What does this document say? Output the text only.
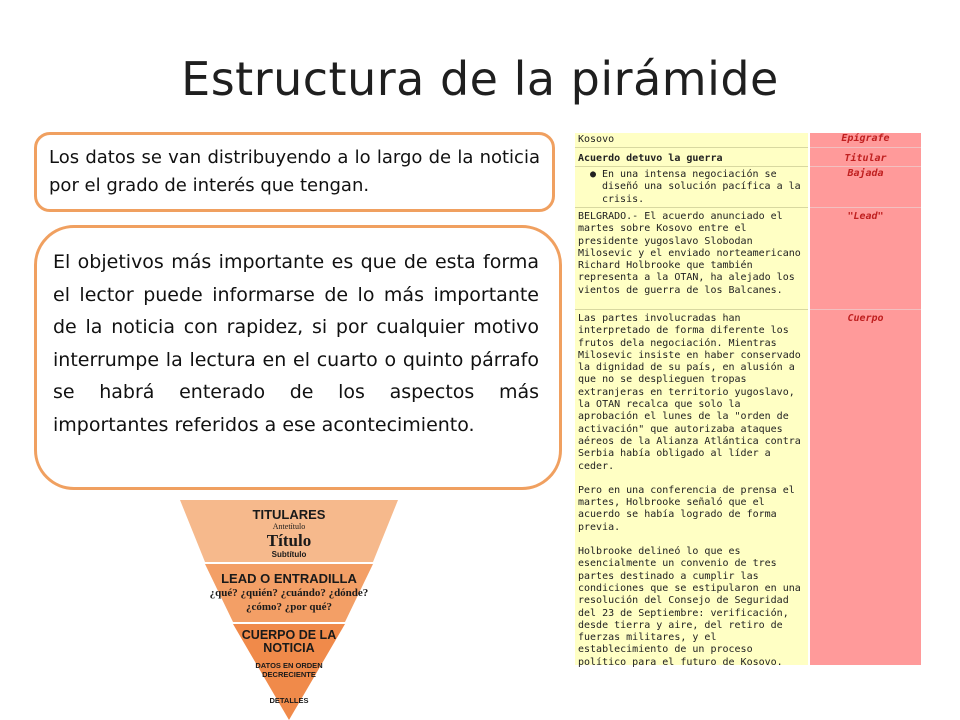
Estructura de la pirámide
Los datos se van distribuyendo a lo largo de la noticia por el grado de interés que tengan.
El objetivos más importante es que de esta forma el lector puede informarse de lo más importante de la noticia con rapidez, si por cualquier motivo interrumpe la lectura en el cuarto o quinto párrafo se habrá enterado de los aspectos más importantes referidos a ese acontecimiento.
TITULARES
Antetítulo
Título
Subtítulo
LEAD O ENTRADILLA
¿qué? ¿quién? ¿cuándo? ¿dónde?
¿cómo? ¿por qué?
CUERPO DE LA
NOTICIA
DATOS EN ORDEN
DECRECIENTE
DETALLES
Kosovo	Epígrafe
Acuerdo detuvo la guerra	Titular
● En una intensa negociación se diseñó una solución pacífica a la crisis.
Bajada
BELGRADO.- El acuerdo anunciado el martes sobre Kosovo entre el presidente yugoslavo Slobodan Milosevic y el enviado norteamericano Richard Holbrooke que también representa a la OTAN, ha alejado los vientos de guerra de los Balcanes.
"Lead"
Las partes involucradas han interpretado de forma diferente los frutos dela negociación. Mientras Milosevic insiste en haber conservado la dignidad de su país, en alusión a que no se desplieguen tropas extranjeras en territorio yugoslavo, la OTAN recalca que solo la aprobación el lunes de la "orden de activación" que autorizaba ataques aéreos de la Alianza Atlántica contra Serbia había obligado al líder a ceder.
Pero en una conferencia de prensa el martes, Holbrooke señaló que el acuerdo se había logrado de forma previa.
Holbrooke delineó lo que es esencialmente un convenio de tres partes destinado a cumplir las condiciones que se estipularon en una resolución del Consejo de Seguridad del 23 de Septiembre: verificación, desde tierra y aire, del retiro de fuerzas militares, y el establecimiento de un proceso político para el futuro de Kosovo.
Cuerpo
